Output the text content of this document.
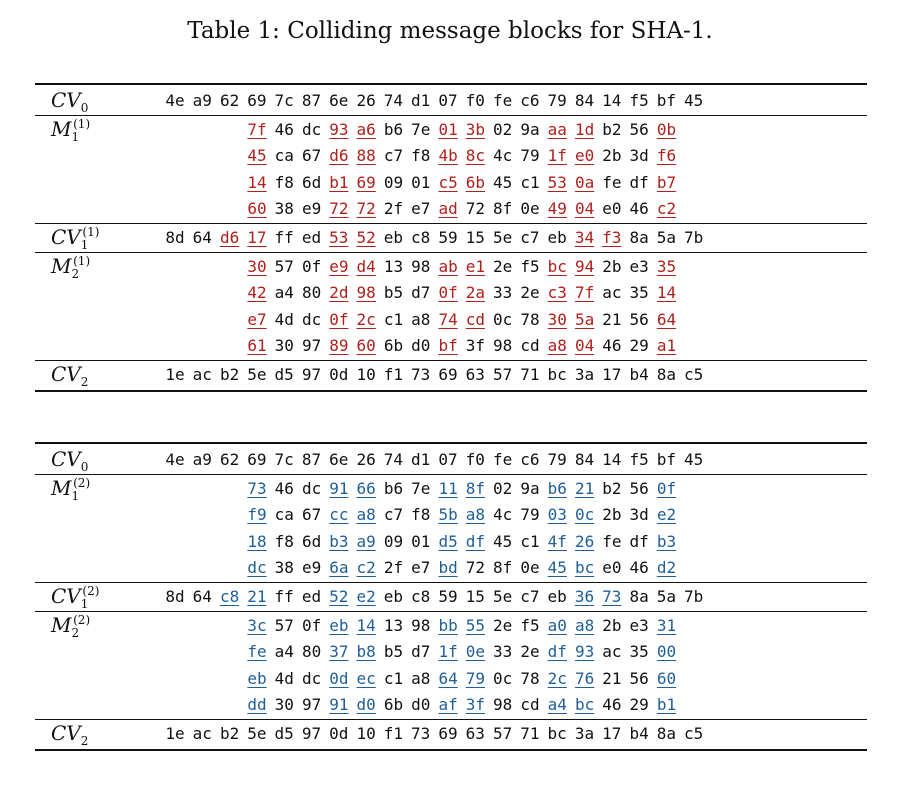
Table 1: Colliding message blocks for SHA-1.
$CV_0$	4e a9 62 69 7c 87 6e 26 74 d1 07 f0 fe c6 79 84 14 f5 bf 45
$M_1^{(1)}$	7f 46 dc 93 a6 b6 7e 01 3b 02 9a aa 1d b2 56 0b
45 ca 67 d6 88 c7 f8 4b 8c 4c 79 1f e0 2b 3d f6
14 f8 6d b1 69 09 01 c5 6b 45 c1 53 0a fe df b7
60 38 e9 72 72 2f e7 ad 72 8f 0e 49 04 e0 46 c2
$CV_1^{(1)}$	8d 64 d6 17 ff ed 53 52 eb c8 59 15 5e c7 eb 34 f3 8a 5a 7b
$M_2^{(1)}$	30 57 0f e9 d4 13 98 ab e1 2e f5 bc 94 2b e3 35
42 a4 80 2d 98 b5 d7 0f 2a 33 2e c3 7f ac 35 14
e7 4d dc 0f 2c c1 a8 74 cd 0c 78 30 5a 21 56 64
61 30 97 89 60 6b d0 bf 3f 98 cd a8 04 46 29 a1
$CV_2$	1e ac b2 5e d5 97 0d 10 f1 73 69 63 57 71 bc 3a 17 b4 8a c5
$CV_0$	4e a9 62 69 7c 87 6e 26 74 d1 07 f0 fe c6 79 84 14 f5 bf 45
$M_1^{(2)}$	73 46 dc 91 66 b6 7e 11 8f 02 9a b6 21 b2 56 0f
f9 ca 67 cc a8 c7 f8 5b a8 4c 79 03 0c 2b 3d e2
18 f8 6d b3 a9 09 01 d5 df 45 c1 4f 26 fe df b3
dc 38 e9 6a c2 2f e7 bd 72 8f 0e 45 bc e0 46 d2
$CV_1^{(2)}$	8d 64 c8 21 ff ed 52 e2 eb c8 59 15 5e c7 eb 36 73 8a 5a 7b
$M_2^{(2)}$	3c 57 0f eb 14 13 98 bb 55 2e f5 a0 a8 2b e3 31
fe a4 80 37 b8 b5 d7 1f 0e 33 2e df 93 ac 35 00
eb 4d dc 0d ec c1 a8 64 79 0c 78 2c 76 21 56 60
dd 30 97 91 d0 6b d0 af 3f 98 cd a4 bc 46 29 b1
$CV_2$	1e ac b2 5e d5 97 0d 10 f1 73 69 63 57 71 bc 3a 17 b4 8a c5
